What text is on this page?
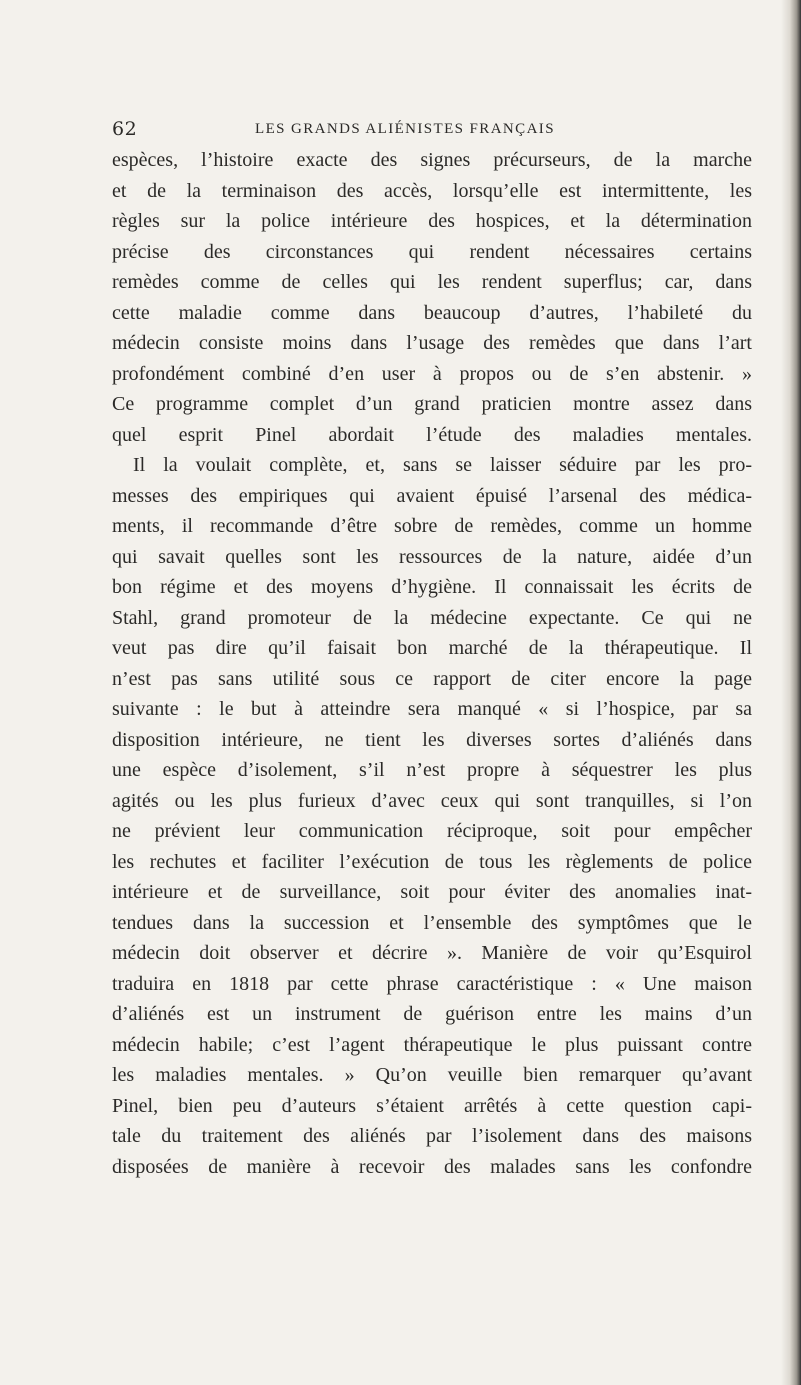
62	LES GRANDS ALIÉNISTES FRANÇAIS
espèces, l’histoire exacte des signes précurseurs, de la marche
et de la terminaison des accès, lorsqu’elle est intermittente, les
règles sur la police intérieure des hospices, et la détermination
précise des circonstances qui rendent nécessaires certains
remèdes comme de celles qui les rendent superflus; car, dans
cette maladie comme dans beaucoup d’autres, l’habileté du
médecin consiste moins dans l’usage des remèdes que dans l’art
profondément combiné d’en user à propos ou de s’en abstenir. »
Ce programme complet d’un grand praticien montre assez dans
quel esprit Pinel abordait l’étude des maladies mentales.
Il la voulait complète, et, sans se laisser séduire par les pro-
messes des empiriques qui avaient épuisé l’arsenal des médica-
ments, il recommande d’être sobre de remèdes, comme un homme
qui savait quelles sont les ressources de la nature, aidée d’un
bon régime et des moyens d’hygiène. Il connaissait les écrits de
Stahl, grand promoteur de la médecine expectante. Ce qui ne
veut pas dire qu’il faisait bon marché de la thérapeutique. Il
n’est pas sans utilité sous ce rapport de citer encore la page
suivante : le but à atteindre sera manqué « si l’hospice, par sa
disposition intérieure, ne tient les diverses sortes d’aliénés dans
une espèce d’isolement, s’il n’est propre à séquestrer les plus
agités ou les plus furieux d’avec ceux qui sont tranquilles, si l’on
ne prévient leur communication réciproque, soit pour empêcher
les rechutes et faciliter l’exécution de tous les règlements de police
intérieure et de surveillance, soit pour éviter des anomalies inat-
tendues dans la succession et l’ensemble des symptômes que le
médecin doit observer et décrire ». Manière de voir qu’Esquirol
traduira en 1818 par cette phrase caractéristique : « Une maison
d’aliénés est un instrument de guérison entre les mains d’un
médecin habile; c’est l’agent thérapeutique le plus puissant contre
les maladies mentales. » Qu’on veuille bien remarquer qu’avant
Pinel, bien peu d’auteurs s’étaient arrêtés à cette question capi-
tale du traitement des aliénés par l’isolement dans des maisons
disposées de manière à recevoir des malades sans les confondre
